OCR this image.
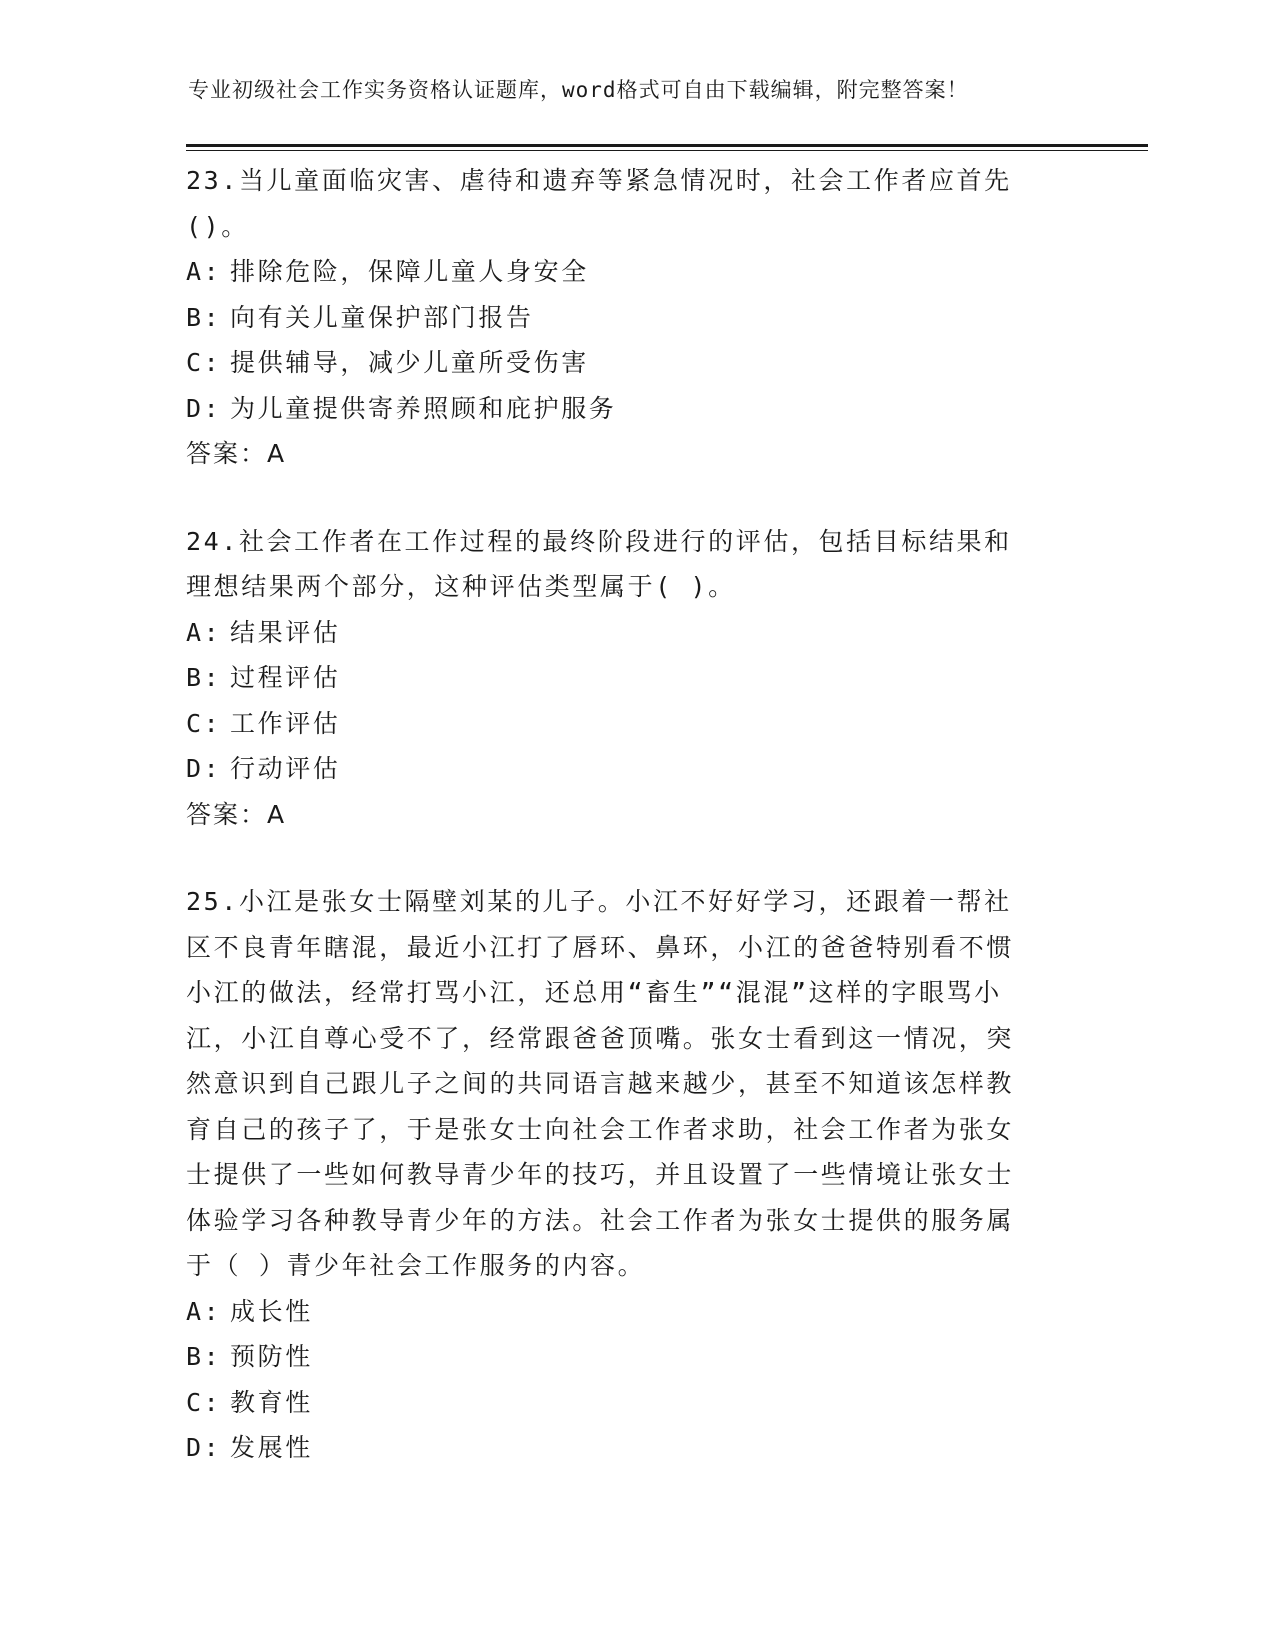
专业初级社会工作实务资格认证题库，word格式可自由下载编辑，附完整答案！

23.当儿童面临灾害、虐待和遗弃等紧急情况时，社会工作者应首先()。

A: 排除危险，保障儿童人身安全
B: 向有关儿童保护部门报告
C: 提供辅导，减少儿童所受伤害
D: 为儿童提供寄养照顾和庇护服务

答案：A

24.社会工作者在工作过程的最终阶段进行的评估，包括目标结果和理想结果两个部分，这种评估类型属于( )。

A: 结果评估
B: 过程评估
C: 工作评估
D: 行动评估

答案：A

25.小江是张女士隔壁刘某的儿子。小江不好好学习，还跟着一帮社区不良青年瞎混，最近小江打了唇环、鼻环，小江的爸爸特别看不惯小江的做法，经常打骂小江，还总用“畜生”“混混”这样的字眼骂小江，小江自尊心受不了，经常跟爸爸顶嘴。张女士看到这一情况，突然意识到自己跟儿子之间的共同语言越来越少，甚至不知道该怎样教育自己的孩子了，于是张女士向社会工作者求助，社会工作者为张女士提供了一些如何教导青少年的技巧，并且设置了一些情境让张女士体验学习各种教导青少年的方法。社会工作者为张女士提供的服务属于（ ）青少年社会工作服务的内容。

A: 成长性
B: 预防性
C: 教育性
D: 发展性
